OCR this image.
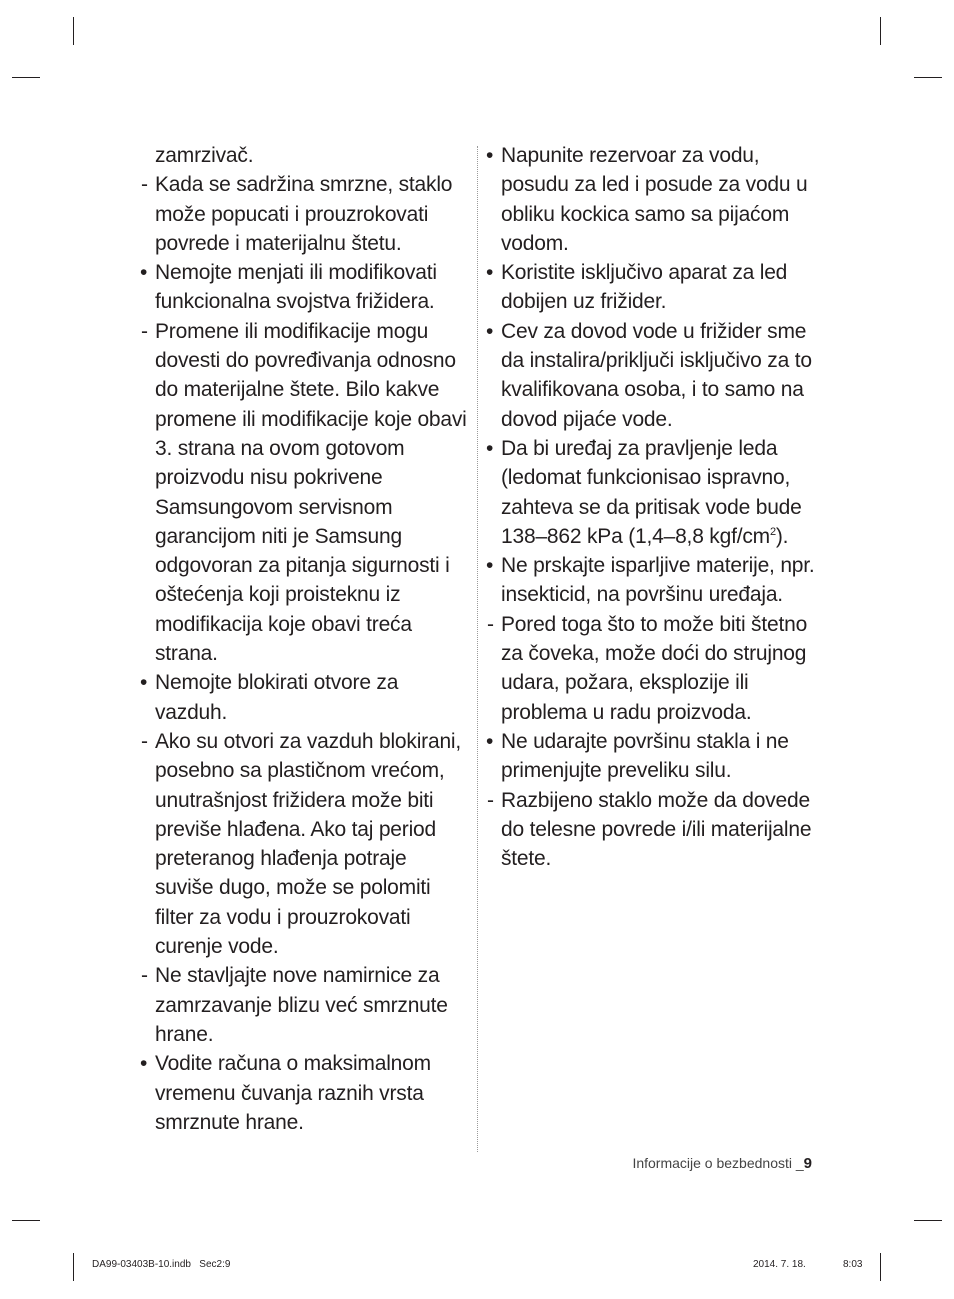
zamrzivač.
- Kada se sadržina smrzne, staklo može popucati i prouzrokovati povrede i materijalnu štetu.
• Nemojte menjati ili modifikovati funkcionalna svojstva frižidera.
- Promene ili modifikacije mogu dovesti do povređivanja odnosno do materijalne štete. Bilo kakve promene ili modifikacije koje obavi 3. strana na ovom gotovom proizvodu nisu pokrivene Samsungovom servisnom garancijom niti je Samsung odgovoran za pitanja sigurnosti i oštećenja koji proisteknu iz modifikacija koje obavi treća strana.
• Nemojte blokirati otvore za vazduh.
- Ako su otvori za vazduh blokirani, posebno sa plastičnom vrećom, unutrašnjost frižidera može biti previše hlađena. Ako taj period preteranog hlađenja potraje suviše dugo, može se polomiti filter za vodu i prouzrokovati curenje vode.
- Ne stavljajte nove namirnice za zamrzavanje blizu već smrznute hrane.
• Vodite računa o maksimalnom vremenu čuvanja raznih vrsta smrznute hrane.
• Napunite rezervoar za vodu, posudu za led i posude za vodu u obliku kockica samo sa pijaćom vodom.
• Koristite isključivo aparat za led dobijen uz frižider.
• Cev za dovod vode u frižider sme da instalira/priključi isključivo za to kvalifikovana osoba, i to samo na dovod pijaće vode.
• Da bi uređaj za pravljenje leda (ledomat funkcionisao ispravno, zahteva se da pritisak vode bude 138–862 kPa (1,4–8,8 kgf/$cm^2$).
• Ne prskajte isparljive materije, npr. insekticid, na površinu uređaja.
- Pored toga što to može biti štetno za čoveka, može doći do strujnog udara, požara, eksplozije ili problema u radu proizvoda.
• Ne udarajte površinu stakla i ne primenjujte preveliku silu.
- Razbijeno staklo može da dovede do telesne povrede i/ili materijalne štete.
Informacije o bezbednosti _9
DA99-03403B-10.indb   Sec2:9	2014. 7. 18.	8:03
